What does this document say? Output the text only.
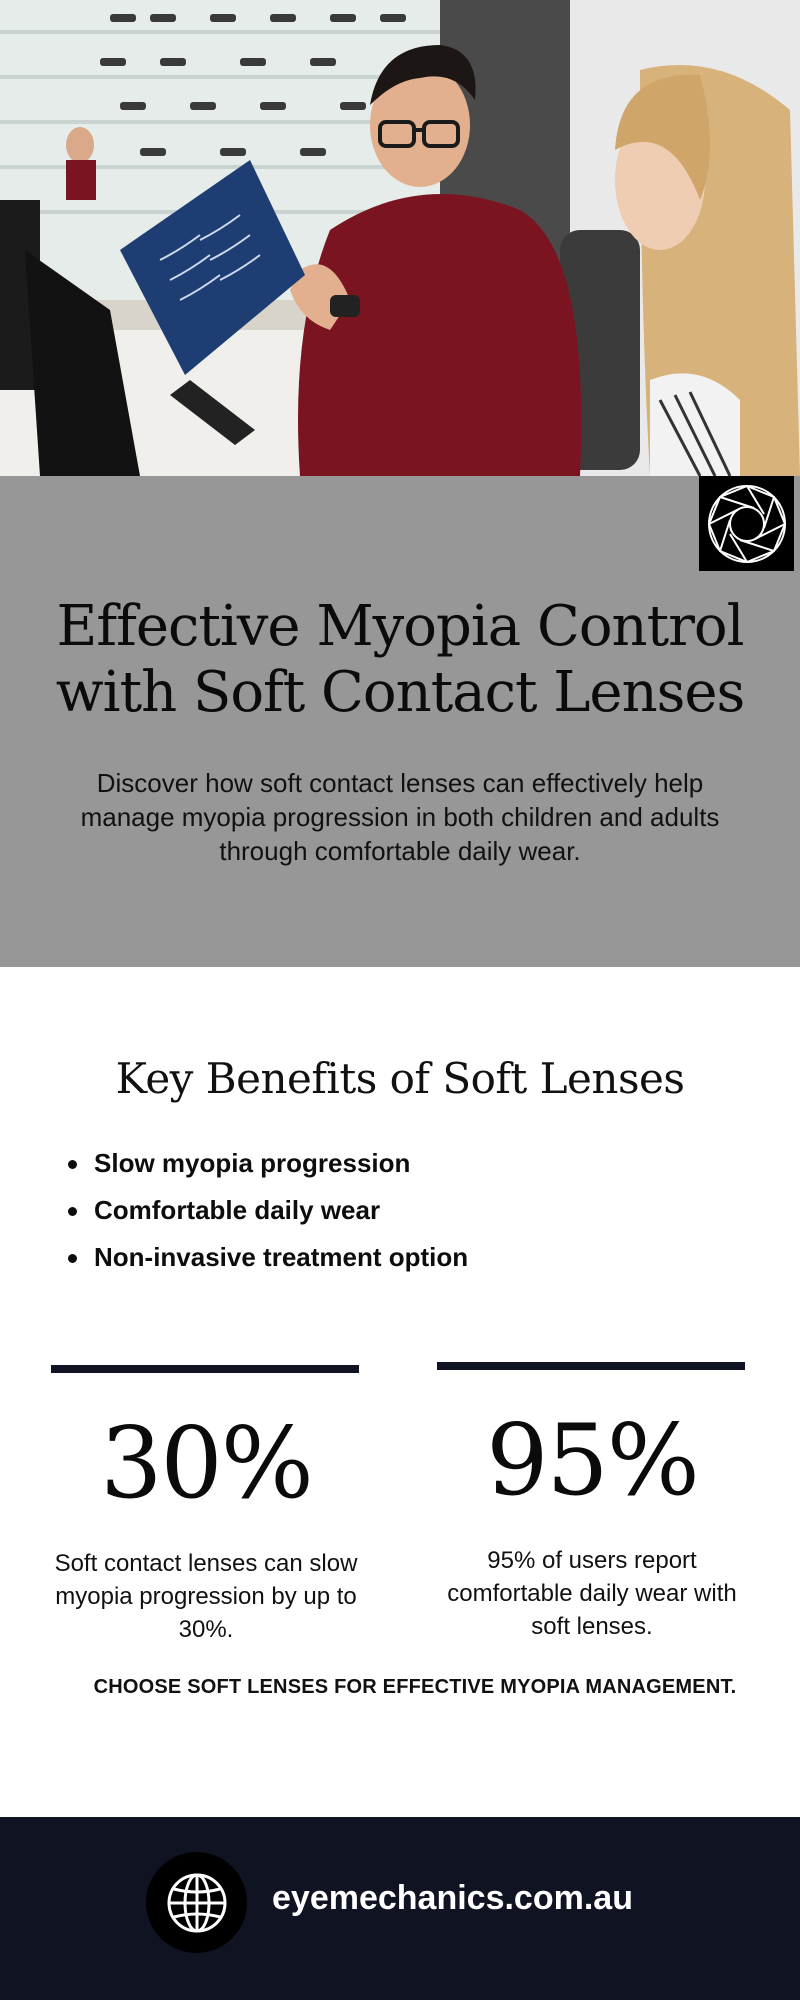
Effective Myopia Control
with Soft Contact Lenses

Discover how soft contact lenses can effectively help manage myopia progression in both children and adults through comfortable daily wear.

Key Benefits of Soft Lenses
Slow myopia progression
Comfortable daily wear
Non-invasive treatment option
30%
Soft contact lenses can slow myopia progression by up to 30%.
95%
95% of users report comfortable daily wear with soft lenses.
CHOOSE SOFT LENSES FOR EFFECTIVE MYOPIA MANAGEMENT.
eyemechanics.com.au
